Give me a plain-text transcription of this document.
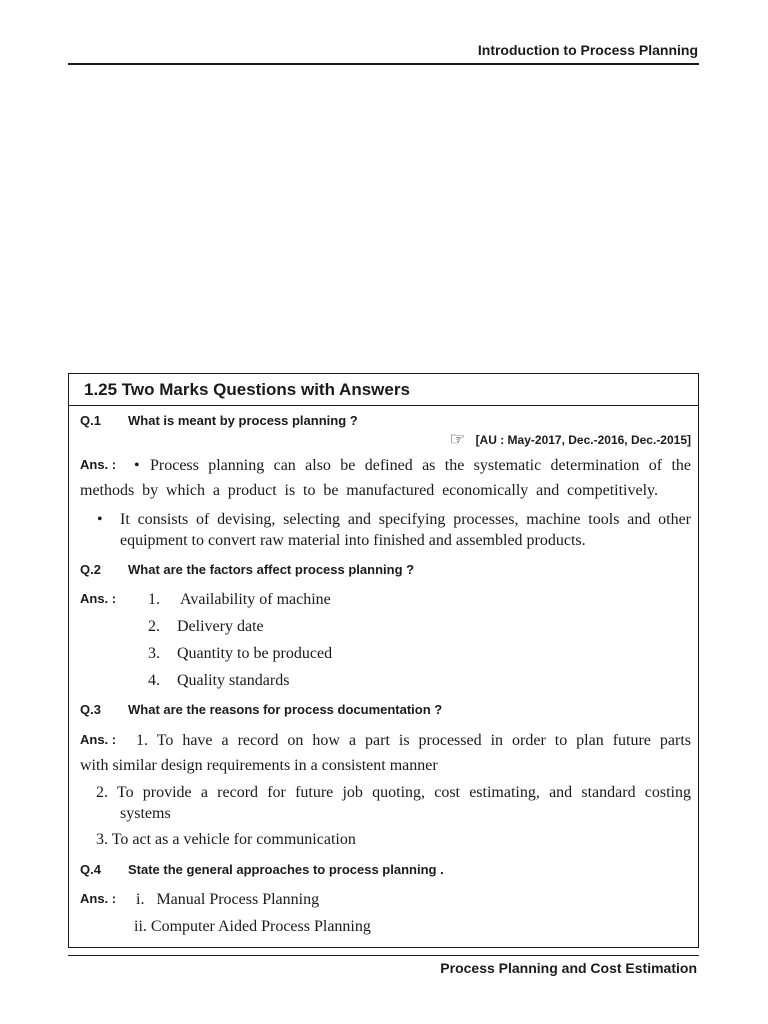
Introduction to Process Planning
1.25 Two Marks Questions with Answers
Q.1 What is meant by process planning ?
☞ [AU : May-2017, Dec.-2016, Dec.-2015]
Ans. : • Process planning can also be defined as the systematic determination of the
methods by which a product is to be manufactured economically and competitively.
• It consists of devising, selecting and specifying processes, machine tools and other
equipment to convert raw material into finished and assembled products.
Q.2 What are the factors affect process planning ?
Ans. : 1. Availability of machine
2. Delivery date
3. Quantity to be produced
4. Quality standards
Q.3 What are the reasons for process documentation ?
Ans. : 1. To have a record on how a part is processed in order to plan future parts
with similar design requirements in a consistent manner
2. To provide a record for future job quoting, cost estimating, and standard costing
systems
3. To act as a vehicle for communication
Q.4 State the general approaches to process planning .
Ans. : i.   Manual Process Planning
ii. Computer Aided Process Planning
Process Planning and Cost Estimation
